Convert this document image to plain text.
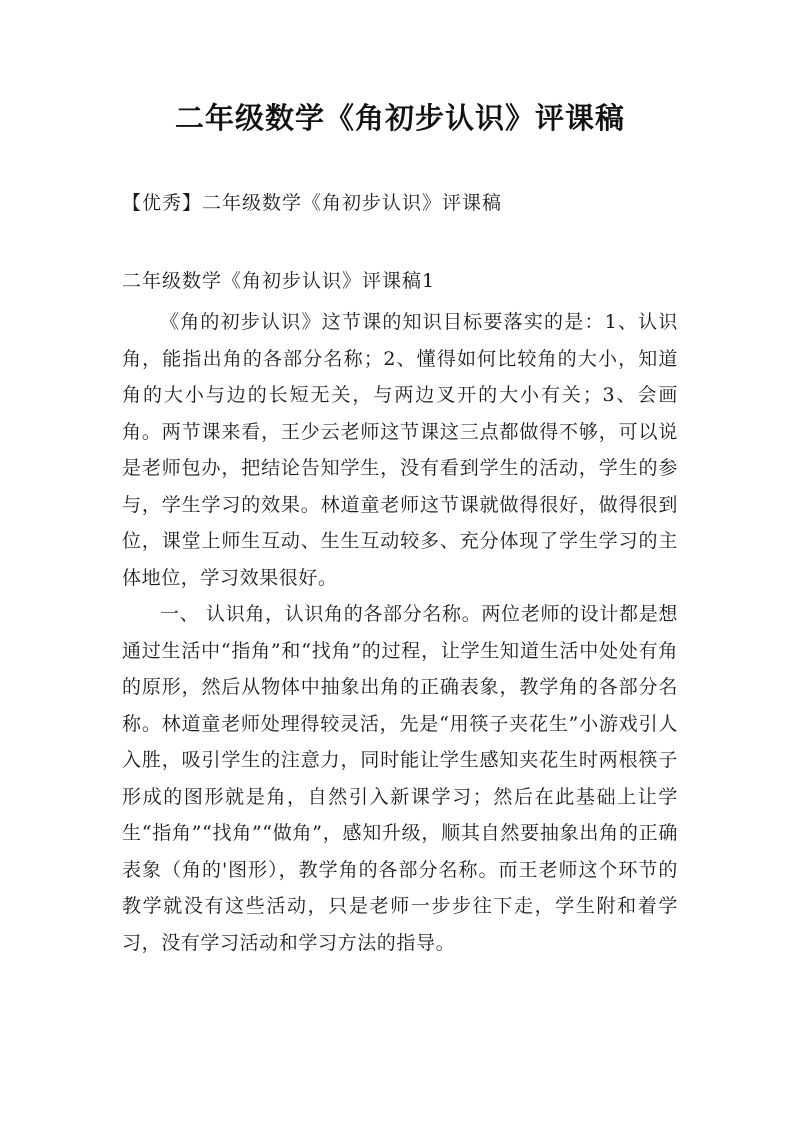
二年级数学《角初步认识》评课稿
【优秀】二年级数学《角初步认识》评课稿
二年级数学《角初步认识》评课稿1

《角的初步认识》这节课的知识目标要落实的是：1、认识角，能指出角的各部分名称；2、懂得如何比较角的大小，知道角的大小与边的长短无关，与两边叉开的大小有关；3、会画角。两节课来看，王少云老师这节课这三点都做得不够，可以说是老师包办，把结论告知学生，没有看到学生的活动，学生的参与，学生学习的效果。林道童老师这节课就做得很好，做得很到位，课堂上师生互动、生生互动较多、充分体现了学生学习的主体地位，学习效果很好。

一、 认识角，认识角的各部分名称。两位老师的设计都是想通过生活中“指角”和“找角”的过程，让学生知道生活中处处有角的原形，然后从物体中抽象出角的正确表象，教学角的各部分名称。林道童老师处理得较灵活，先是“用筷子夹花生”小游戏引人入胜，吸引学生的注意力，同时能让学生感知夹花生时两根筷子形成的图形就是角，自然引入新课学习；然后在此基础上让学生“指角”“找角”“做角”，感知升级，顺其自然要抽象出角的正确表象（角的'图形），教学角的各部分名称。而王老师这个环节的教学就没有这些活动，只是老师一步步往下走，学生附和着学习，没有学习活动和学习方法的指导。
